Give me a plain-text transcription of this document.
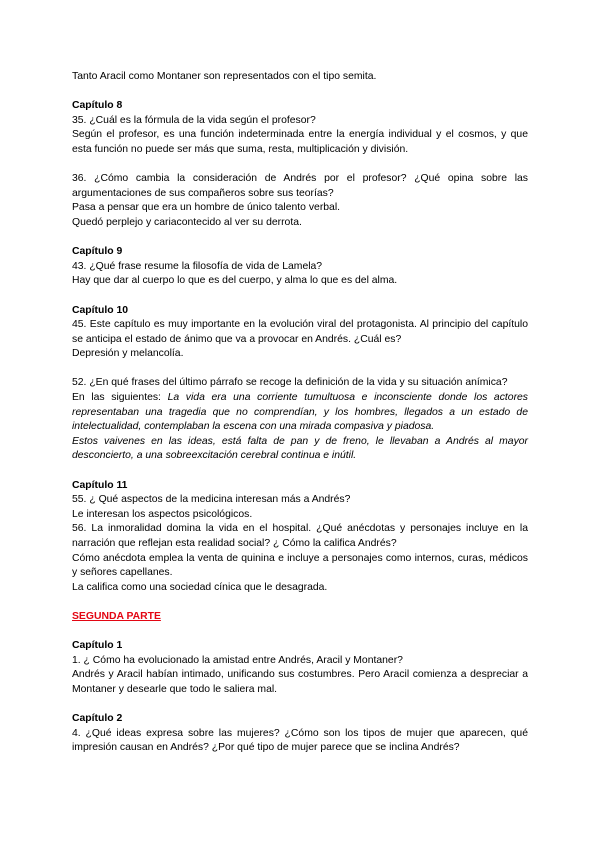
Tanto Aracil como Montaner son representados con el tipo semita.

Capítulo 8

35. ¿Cuál es la fórmula de la vida según el profesor?

Según el profesor, es una función indeterminada entre la energía individual y el cosmos, y que esta función no puede ser más que suma, resta, multiplicación y división.

36. ¿Cómo cambia la consideración de Andrés por el profesor? ¿Qué opina sobre las argumentaciones de sus compañeros sobre sus teorías?

Pasa a pensar que era un hombre de único talento verbal.

Quedó perplejo y cariacontecido al ver su derrota.

Capítulo 9

43. ¿Qué frase resume la filosofía de vida de Lamela?

Hay que dar al cuerpo lo que es del cuerpo, y alma lo que es del alma.

Capítulo 10

45. Este capítulo es muy importante en la evolución viral del protagonista. Al principio del capítulo se anticipa el estado de ánimo que va a provocar en Andrés. ¿Cuál es?

Depresión y melancolía.

52. ¿En qué frases del último párrafo se recoge la definición de la vida y su situación anímica?

En las siguientes: La vida era una corriente tumultuosa e inconsciente donde los actores representaban una tragedia que no comprendían, y los hombres, llegados a un estado de intelectualidad, contemplaban la escena con una mirada compasiva y piadosa.

Estos vaivenes en las ideas, está falta de pan y de freno, le llevaban a Andrés al mayor desconcierto, a una sobreexcitación cerebral continua e inútil.

Capítulo 11

55. ¿ Qué aspectos de la medicina interesan más a Andrés?

Le interesan los aspectos psicológicos.

56. La inmoralidad domina la vida en el hospital. ¿Qué anécdotas y personajes incluye en la narración que reflejan esta realidad social? ¿ Cómo la califica Andrés?

Cómo anécdota emplea la venta de quinina e incluye a personajes como internos, curas, médicos y señores capellanes.

La califica como una sociedad cínica que le desagrada.

SEGUNDA PARTE

Capítulo 1

1. ¿ Cómo ha evolucionado la amistad entre Andrés, Aracil y Montaner?

Andrés y Aracil habían intimado, unificando sus costumbres. Pero Aracil comienza a despreciar a Montaner y desearle que todo le saliera mal.

Capítulo 2

4. ¿Qué ideas expresa sobre las mujeres? ¿Cómo son los tipos de mujer que aparecen, qué impresión causan en Andrés? ¿Por qué tipo de mujer parece que se inclina Andrés?
